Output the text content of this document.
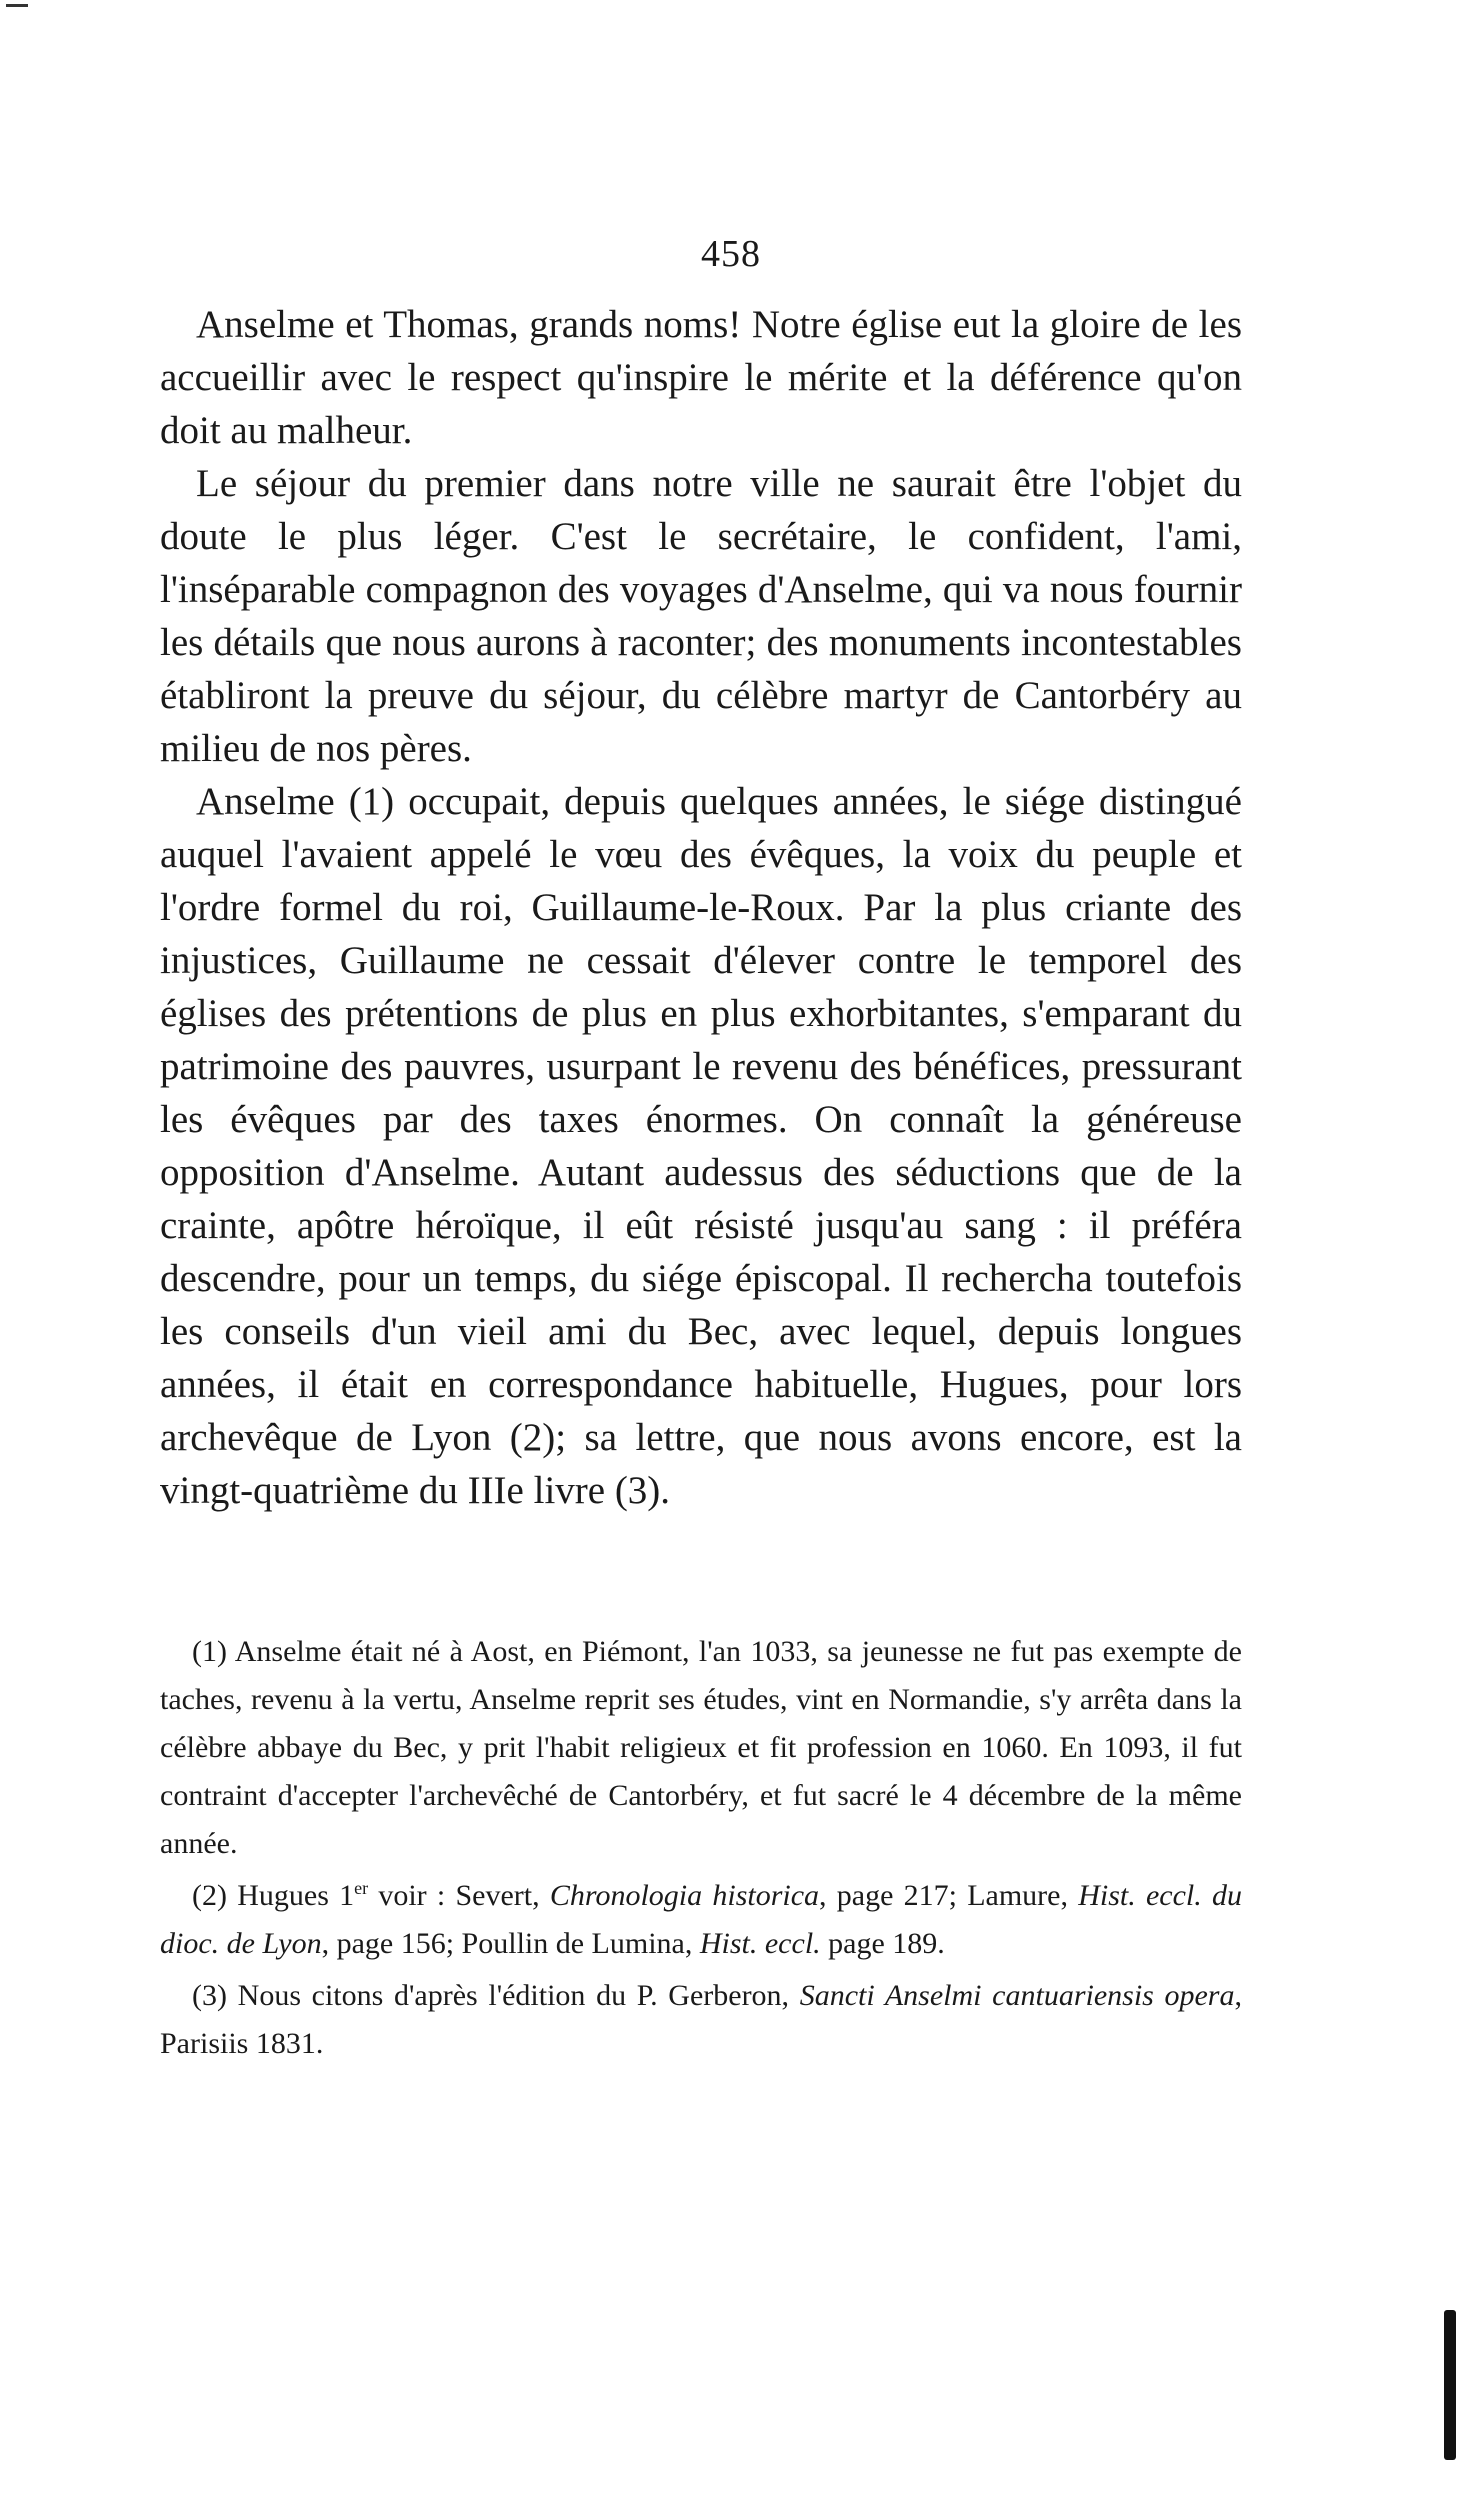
458

Anselme et Thomas, grands noms! Notre église eut la gloire de les accueillir avec le respect qu'inspire le mérite et la déférence qu'on doit au malheur.

Le séjour du premier dans notre ville ne saurait être l'objet du doute le plus léger. C'est le secrétaire, le confident, l'ami, l'inséparable compagnon des voyages d'Anselme, qui va nous fournir les détails que nous aurons à raconter; des monuments incontestables établiront la preuve du séjour, du célèbre martyr de Cantorbéry au milieu de nos pères.

Anselme (1) occupait, depuis quelques années, le siége distingué auquel l'avaient appelé le vœu des évêques, la voix du peuple et l'ordre formel du roi, Guillaume-le-Roux. Par la plus criante des injustices, Guillaume ne cessait d'élever contre le temporel des églises des prétentions de plus en plus exhorbitantes, s'emparant du patrimoine des pauvres, usurpant le revenu des bénéfices, pressurant les évêques par des taxes énormes. On connaît la généreuse opposition d'Anselme. Autant audessus des séductions que de la crainte, apôtre héroïque, il eût résisté jusqu'au sang : il préféra descendre, pour un temps, du siége épiscopal. Il rechercha toutefois les conseils d'un vieil ami du Bec, avec lequel, depuis longues années, il était en correspondance habituelle, Hugues, pour lors archevêque de Lyon (2); sa lettre, que nous avons encore, est la vingt-quatrième du IIIe livre (3).

(1) Anselme était né à Aost, en Piémont, l'an 1033, sa jeunesse ne fut pas exempte de taches, revenu à la vertu, Anselme reprit ses études, vint en Normandie, s'y arrêta dans la célèbre abbaye du Bec, y prit l'habit religieux et fit profession en 1060. En 1093, il fut contraint d'accepter l'archevêché de Cantorbéry, et fut sacré le 4 décembre de la même année.

(2) Hugues 1er voir : Severt, Chronologia historica, page 217; Lamure, Hist. eccl. du dioc. de Lyon, page 156; Poullin de Lumina, Hist. eccl. page 189.

(3) Nous citons d'après l'édition du P. Gerberon, Sancti Anselmi cantuariensis opera, Parisiis 1831.
